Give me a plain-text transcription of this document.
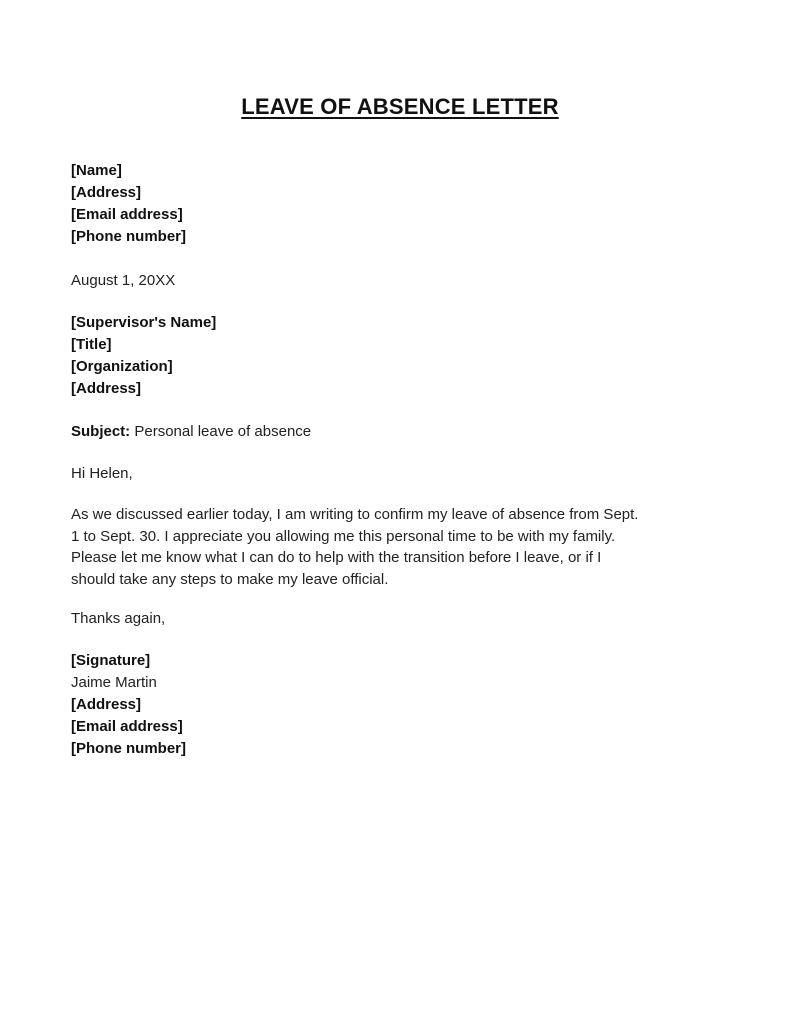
LEAVE OF ABSENCE LETTER
[Name]
[Address]
[Email address]
[Phone number]
August 1, 20XX
[Supervisor's Name]
[Title]
[Organization]
[Address]
Subject: Personal leave of absence
Hi Helen,
As we discussed earlier today, I am writing to confirm my leave of absence from Sept.
1 to Sept. 30. I appreciate you allowing me this personal time to be with my family.
Please let me know what I can do to help with the transition before I leave, or if I
should take any steps to make my leave official.
Thanks again,
[Signature]
Jaime Martin
[Address]
[Email address]
[Phone number]
